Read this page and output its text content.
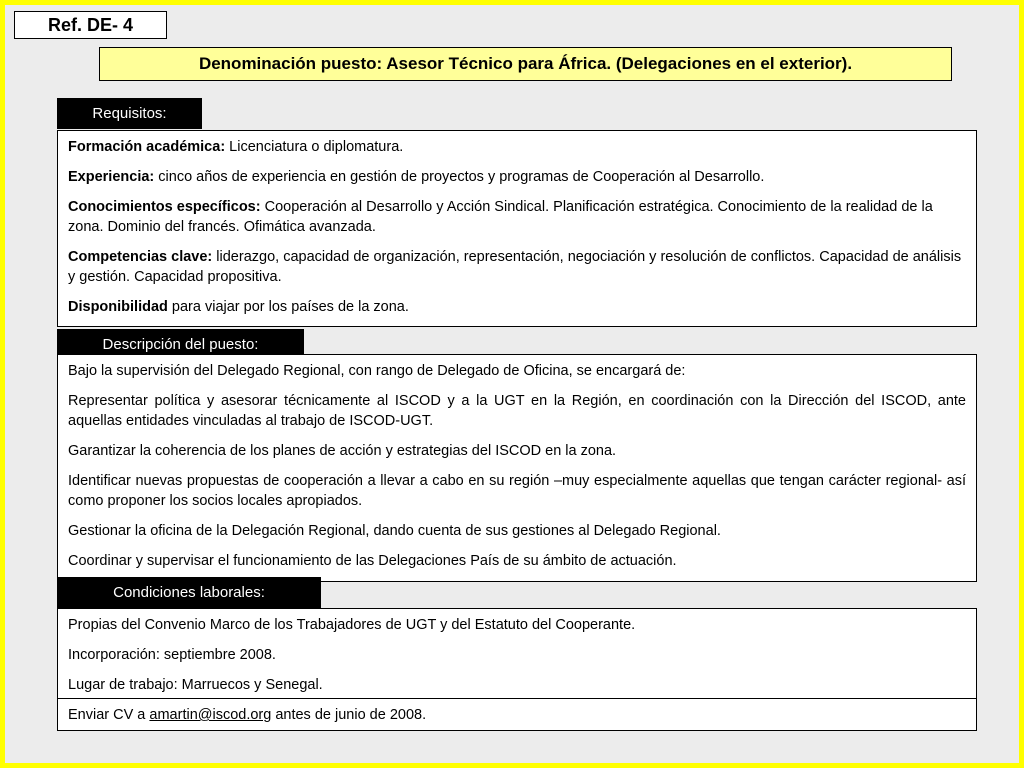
Ref. DE- 4
Denominación puesto: Asesor Técnico para África. (Delegaciones en el exterior).
Requisitos:

Formación académica: Licenciatura o diplomatura.

Experiencia: cinco años de experiencia en gestión de proyectos y programas de Cooperación al Desarrollo.

Conocimientos específicos: Cooperación al Desarrollo y Acción Sindical. Planificación estratégica. Conocimiento de la realidad de la zona. Dominio del francés. Ofimática avanzada.

Competencias clave: liderazgo, capacidad de organización, representación, negociación y resolución de conflictos. Capacidad de análisis y gestión. Capacidad propositiva.

Disponibilidad para viajar por los países de la zona.

Descripción del puesto:

Bajo la supervisión del Delegado Regional, con rango de Delegado de Oficina, se encargará de:

Representar política y asesorar técnicamente al ISCOD y a la UGT en la Región, en coordinación con la Dirección del ISCOD, ante aquellas entidades vinculadas al trabajo de ISCOD-UGT.

Garantizar la coherencia de los planes de acción y estrategias del ISCOD en la zona.

Identificar nuevas propuestas de cooperación a llevar a cabo en su región –muy especialmente aquellas que tengan carácter regional- así como proponer los socios locales apropiados.

Gestionar la oficina de la Delegación Regional, dando cuenta de sus gestiones al Delegado Regional.

Coordinar y supervisar el funcionamiento de las Delegaciones País de su ámbito de actuación.

Condiciones laborales:

Propias del Convenio Marco de los Trabajadores de UGT y del Estatuto del Cooperante.

Incorporación: septiembre 2008.

Lugar de trabajo: Marruecos y Senegal.

Enviar CV a amartin@iscod.org antes de junio de 2008.
